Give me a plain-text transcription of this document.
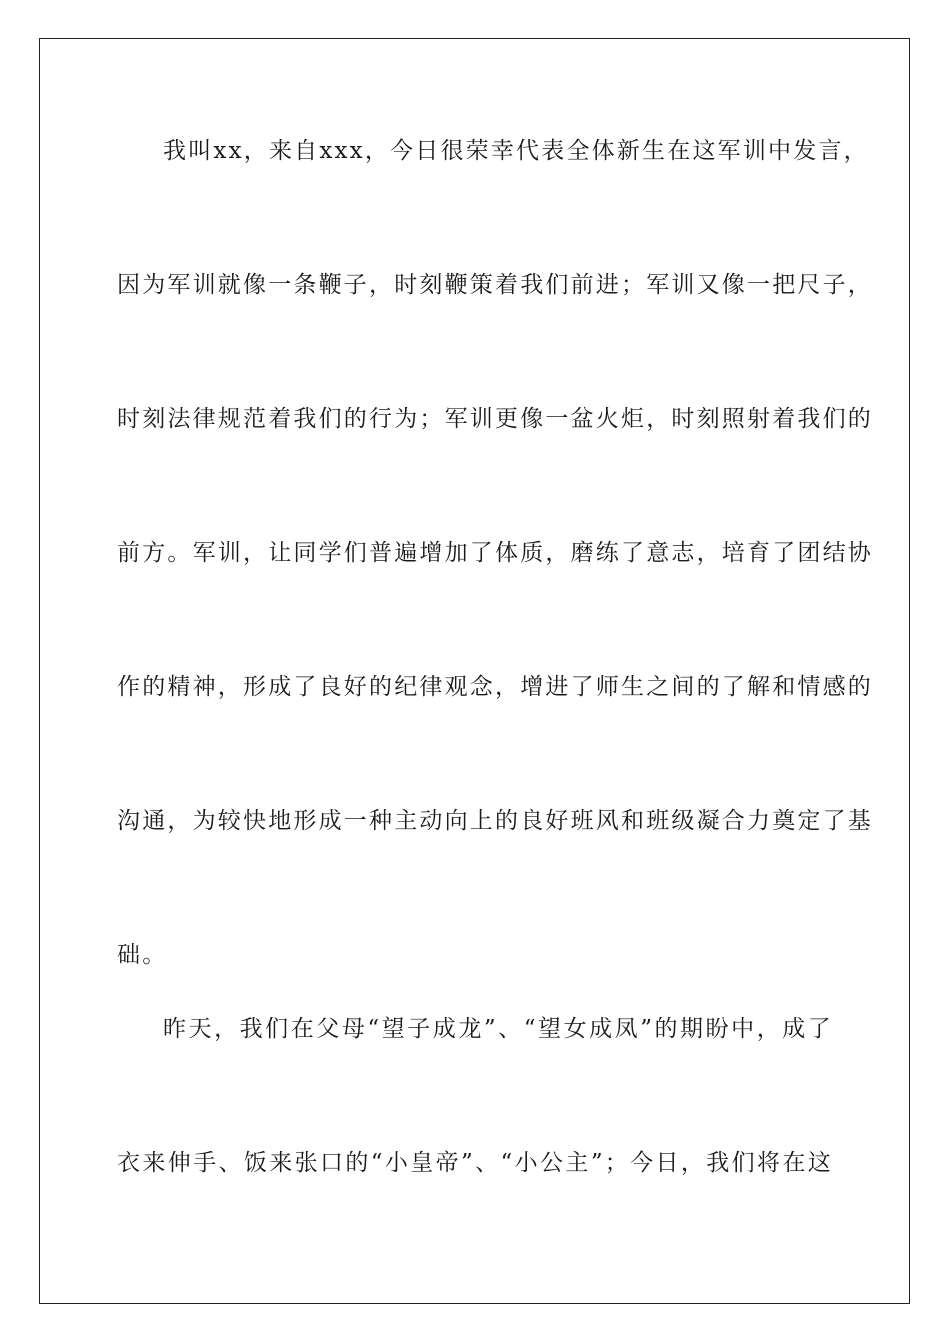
我叫xx，来自xxx，今日很荣幸代表全体新生在这军训中发言，
因为军训就像一条鞭子，时刻鞭策着我们前进；军训又像一把尺子，
时刻法律规范着我们的行为；军训更像一盆火炬，时刻照射着我们的
前方。军训，让同学们普遍增加了体质，磨练了意志，培育了团结协
作的精神，形成了良好的纪律观念，增进了师生之间的了解和情感的
沟通，为较快地形成一种主动向上的良好班风和班级凝合力奠定了基
础。
昨天，我们在父母“望子成龙”、“望女成凤”的期盼中，成了
衣来伸手、饭来张口的“小皇帝”、“小公主”；今日，我们将在这
